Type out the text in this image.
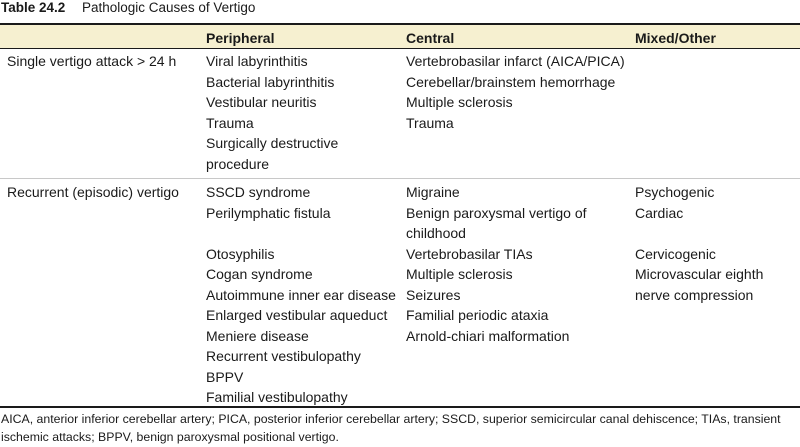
Table 24.2 Pathologic Causes of Vertigo
Peripheral	Central	Mixed/Other
Single vertigo attack > 24 h Viral labyrinthitis
Bacterial labyrinthitis
Vestibular neuritis
Trauma
Surgically destructive
procedure
Vertebrobasilar infarct (AICA/PICA)
Cerebellar/brainstem hemorrhage
Multiple sclerosis
Trauma
Recurrent (episodic) vertigo SSCD syndrome
Perilymphatic fistula

Otosyphilis
Cogan syndrome
Autoimmune inner ear disease
Enlarged vestibular aqueduct
Meniere disease
Recurrent vestibulopathy
BPPV
Familial vestibulopathy
Migraine
Benign paroxysmal vertigo of
childhood
Vertebrobasilar TIAs
Multiple sclerosis
Seizures
Familial periodic ataxia
Arnold-chiari malformation
Psychogenic
Cardiac

Cervicogenic
Microvascular eighth
nerve compression
AICA, anterior inferior cerebellar artery; PICA, posterior inferior cerebellar artery; SSCD, superior semicircular canal dehiscence; TIAs, transient ischemic attacks; BPPV, benign paroxysmal positional vertigo.
